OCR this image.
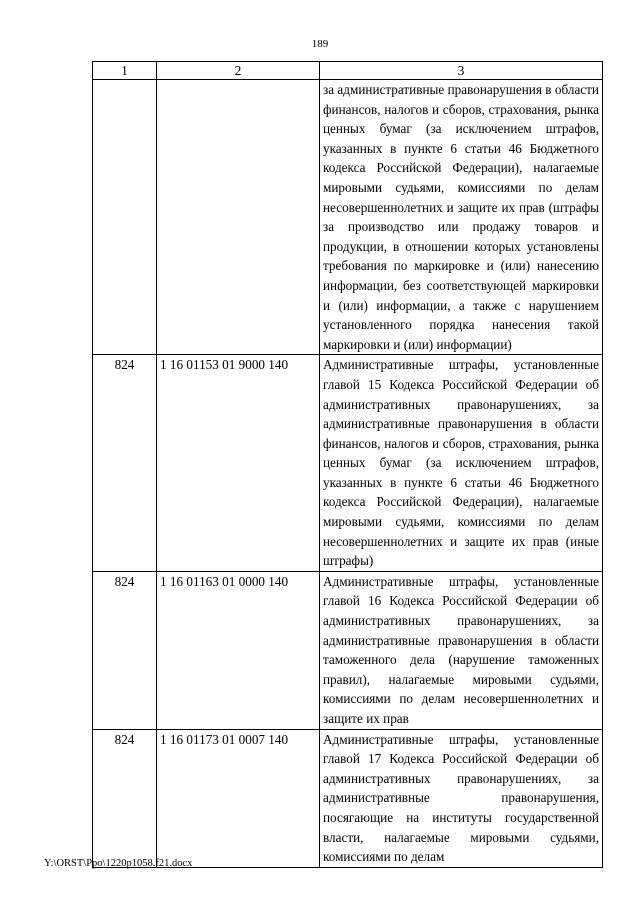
189
1	2	3
		за административные правонарушения в области финансов, налогов и сборов, страхования, рынка ценных бумаг (за исключением штрафов, указанных в пункте 6 статьи 46 Бюджетного кодекса Российской Федерации), налагаемые мировыми судьями, комиссиями по делам несовершеннолетних и защите их прав (штрафы за производство или продажу товаров и продукции, в отношении которых установлены требования по маркировке и (или) нанесению информации, без соответствующей маркировки и (или) информации, а также с нарушением установленного порядка нанесения такой маркировки и (или) информации)
824	1 16 01153 01 9000 140	Административные штрафы, установленные главой 15 Кодекса Российской Федерации об административных правонарушениях, за административные правонарушения в области финансов, налогов и сборов, страхования, рынка ценных бумаг (за исключением штрафов, указанных в пункте 6 статьи 46 Бюджетного кодекса Российской Федерации), налагаемые мировыми судьями, комиссиями по делам несовершеннолетних и защите их прав (иные штрафы)
824	1 16 01163 01 0000 140	Административные штрафы, установленные главой 16 Кодекса Российской Федерации об административных правонарушениях, за административные правонарушения в области таможенного дела (нарушение таможенных правил), налагаемые мировыми судьями, комиссиями по делам несовершеннолетних и защите их прав
824	1 16 01173 01 0007 140	Административные штрафы, установленные главой 17 Кодекса Российской Федерации об административных правонарушениях, за административные правонарушения, посягающие на институты государственной власти, налагаемые мировыми судьями, комиссиями по делам
Y:\ORST\Ppo\1220p1058.f21.docx
